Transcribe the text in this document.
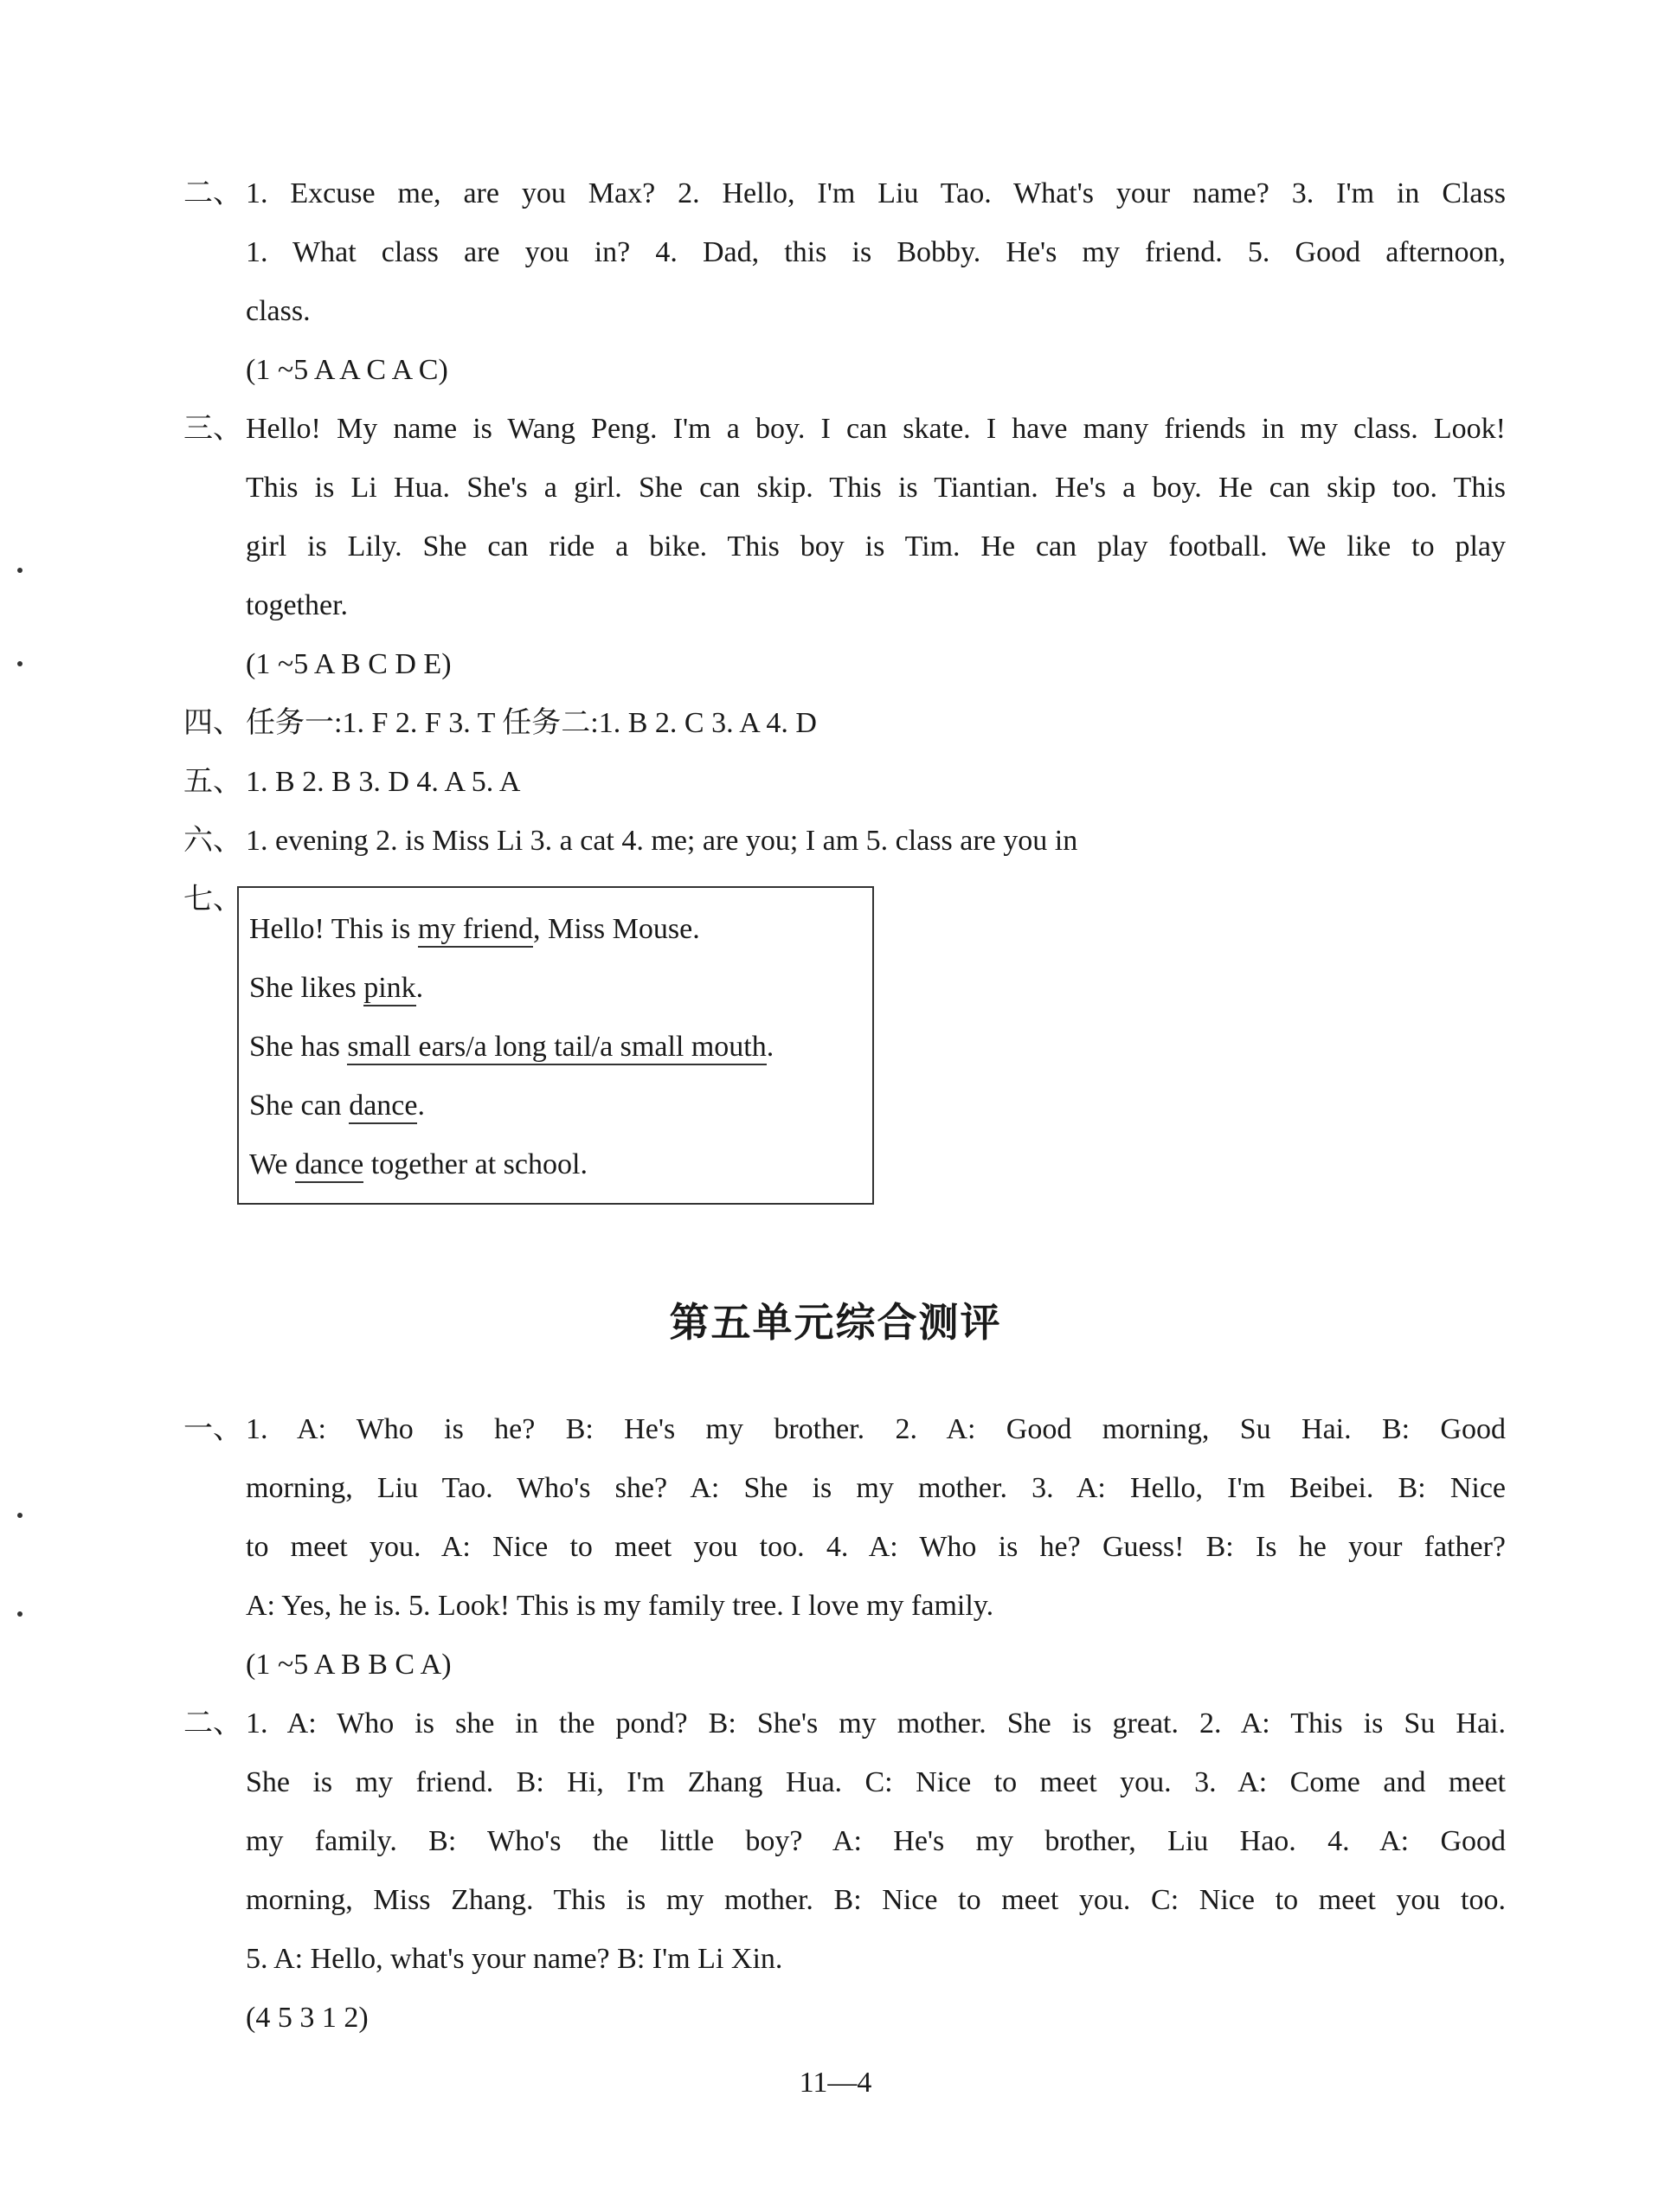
二、 1. Excuse me, are you Max? 2. Hello, I'm Liu Tao. What's your name? 3. I'm in Class
1. What class are you in? 4. Dad, this is Bobby. He's my friend. 5. Good afternoon,
class.
(1 ~5 A A C A C)
三、 Hello! My name is Wang Peng. I'm a boy. I can skate. I have many friends in my class. Look!
This is Li Hua. She's a girl. She can skip. This is Tiantian. He's a boy. He can skip too. This
girl is Lily. She can ride a bike. This boy is Tim. He can play football. We like to play
together.
(1 ~5 A B C D E)
四、 任务一:1. F 2. F 3. T 任务二:1. B 2. C 3. A 4. D
五、 1. B 2. B 3. D 4. A 5. A
六、 1. evening 2. is Miss Li 3. a cat 4. me; are you; I am 5. class are you in
七、
Hello! This is my friend, Miss Mouse.
She likes pink.
She has small ears/a long tail/a small mouth.
She can dance.
We dance together at school.
第五单元综合测评
一、 1. A: Who is he? B: He's my brother. 2. A: Good morning, Su Hai. B: Good
morning, Liu Tao. Who's she? A: She is my mother. 3. A: Hello, I'm Beibei. B: Nice
to meet you. A: Nice to meet you too. 4. A: Who is he? Guess! B: Is he your father?
A: Yes, he is. 5. Look! This is my family tree. I love my family.
(1 ~5 A B B C A)
二、 1. A: Who is she in the pond? B: She's my mother. She is great. 2. A: This is Su Hai.
She is my friend. B: Hi, I'm Zhang Hua. C: Nice to meet you. 3. A: Come and meet
my family. B: Who's the little boy? A: He's my brother, Liu Hao. 4. A: Good
morning, Miss Zhang. This is my mother. B: Nice to meet you. C: Nice to meet you too.
5. A: Hello, what's your name? B: I'm Li Xin.
(4 5 3 1 2)
11—4
